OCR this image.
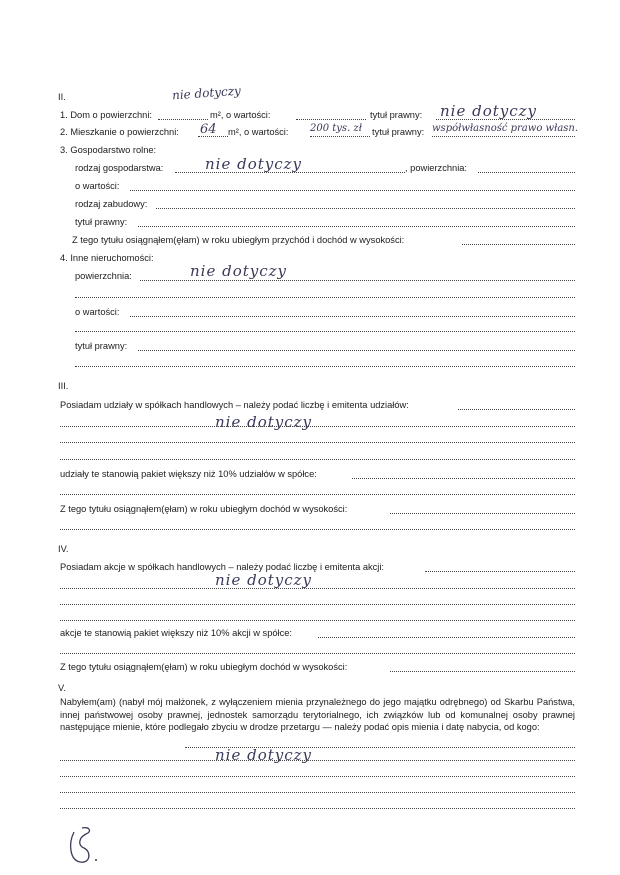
II.	nie dotyczy
1. Dom o powierzchni:	m², o wartości:	tytuł prawny: nie dotyczy
2. Mieszkanie o powierzchni: 64 m², o wartości: 200 tys. zł tytuł prawny: współwłasność prawo własn.
3. Gospodarstwo rolne:
rodzaj gospodarstwa:	nie dotyczy	, powierzchnia:
o wartości:
rodzaj zabudowy:
tytuł prawny:
Z tego tytułu osiągnąłem(ęłam) w roku ubiegłym przychód i dochód w wysokości:
4. Inne nieruchomości:
powierzchnia:	nie dotyczy
o wartości:
tytuł prawny:
III.
Posiadam udziały w spółkach handlowych – należy podać liczbę i emitenta udziałów:
nie dotyczy
udziały te stanowią pakiet większy niż 10% udziałów w spółce:
Z tego tytułu osiągnąłem(ęłam) w roku ubiegłym dochód w wysokości:
IV.
Posiadam akcje w spółkach handlowych – należy podać liczbę i emitenta akcji:
nie dotyczy
akcje te stanowią pakiet większy niż 10% akcji w spółce:
Z tego tytułu osiągnąłem(ęłam) w roku ubiegłym dochód w wysokości:
V.
Nabyłem(am) (nabył mój małżonek, z wyłączeniem mienia przynależnego do jego majątku odrębnego) od Skarbu Państwa, innej państwowej osoby prawnej, jednostek samorządu terytorialnego, ich związków lub od komunalnej osoby prawnej następujące mienie, które podlegało zbyciu w drodze przetargu — należy podać opis mienia i datę nabycia, od kogo:
nie dotyczy
